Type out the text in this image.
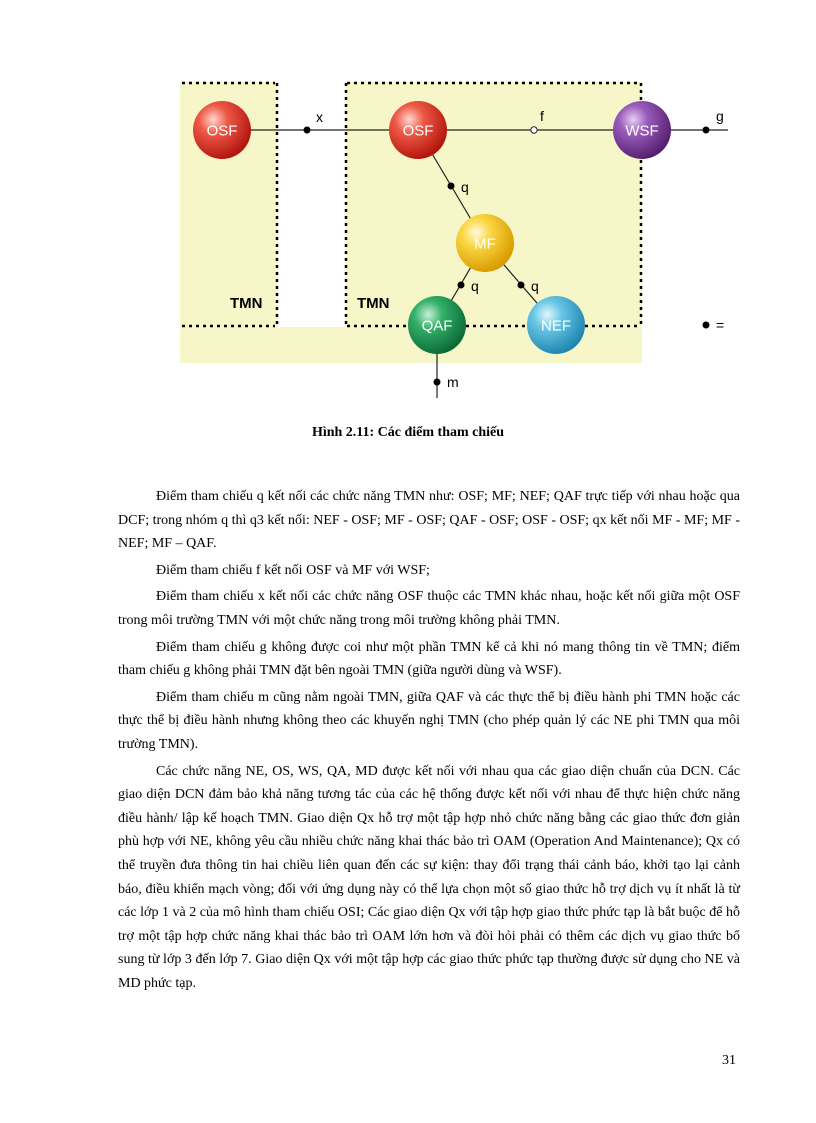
OSF	OSF	WSF
MF
QAF	NEF
x	f	g
q
q	q
m
TMN	TMN
=
Hình 2.11: Các điểm tham chiếu

Điểm tham chiếu q kết nối các chức năng TMN như: OSF; MF; NEF; QAF trực tiếp với nhau hoặc qua DCF; trong nhóm q thì q3 kết nối: NEF - OSF; MF - OSF; QAF - OSF; OSF - OSF; qx kết nối MF - MF; MF - NEF; MF – QAF.

Điểm tham chiếu f kết nối OSF và MF với WSF;

Điểm tham chiếu x kết nối các chức năng OSF thuộc các TMN khác nhau, hoặc kết nối giữa một OSF trong môi trường TMN với một chức năng trong môi trường không phải TMN.

Điểm tham chiếu g không được coi như một phần TMN kể cả khi nó mang thông tin về TMN; điểm tham chiếu g không phải TMN đặt bên ngoài TMN (giữa người dùng và WSF).

Điểm tham chiếu m cũng nằm ngoài TMN, giữa QAF và các thực thể bị điều hành phi TMN hoặc các thực thể bị điều hành nhưng không theo các khuyến nghị TMN (cho phép quản lý các NE phi TMN qua môi trường TMN).

Các chức năng NE, OS, WS, QA, MD được kết nối với nhau qua các giao diện chuẩn của DCN. Các giao diện DCN đảm bảo khả năng tương tác của các hệ thống được kết nối với nhau để thực hiện chức năng điều hành/ lập kế hoạch TMN. Giao diện Qx hỗ trợ một tập hợp nhỏ chức năng bằng các giao thức đơn giản phù hợp với NE, không yêu cầu nhiều chức năng khai thác bảo trì OAM (Operation And Maintenance); Qx có thể truyền đưa thông tin hai chiều liên quan đến các sự kiện: thay đổi trạng thái cảnh báo, khởi tạo lại cảnh báo, điều khiển mạch vòng; đối với ứng dụng này có thể lựa chọn một số giao thức hỗ trợ dịch vụ ít nhất là từ các lớp 1 và 2 của mô hình tham chiếu OSI; Các giao diện Qx với tập hợp giao thức phức tạp là bắt buộc để hỗ trợ một tập hợp chức năng khai thác bảo trì OAM lớn hơn và đòi hỏi phải có thêm các dịch vụ giao thức bổ sung từ lớp 3 đến lớp 7. Giao diện Qx với một tập hợp các giao thức phức tạp thường được sử dụng cho NE và MD phức tạp.

31
